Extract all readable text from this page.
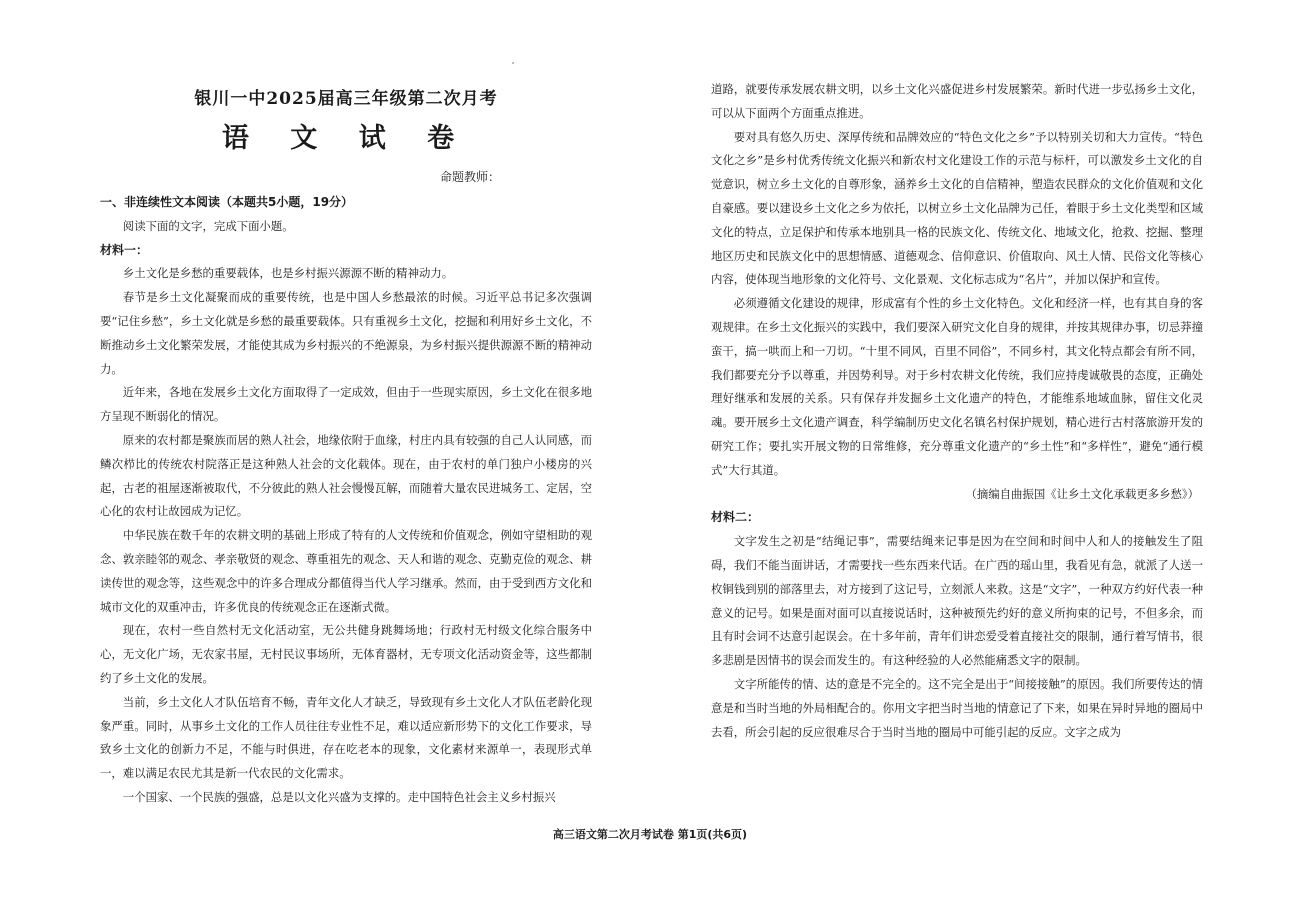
银川一中2025届高三年级第二次月考
语 文 试 卷
命题教师：
一、非连续性文本阅读（本题共5小题，19分）

阅读下面的文字，完成下面小题。

材料一：

乡土文化是乡愁的重要载体，也是乡村振兴源源不断的精神动力。

春节是乡土文化凝聚而成的重要传统，也是中国人乡愁最浓的时候。习近平总书记多次强调要“记住乡愁”，乡土文化就是乡愁的最重要载体。只有重视乡土文化，挖掘和利用好乡土文化，不断推动乡土文化繁荣发展，才能使其成为乡村振兴的不绝源泉，为乡村振兴提供源源不断的精神动力。

近年来，各地在发展乡土文化方面取得了一定成效，但由于一些现实原因，乡土文化在很多地方呈现不断弱化的情况。

原来的农村都是聚族而居的熟人社会，地缘依附于血缘，村庄内具有较强的自己人认同感，而鳞次栉比的传统农村院落正是这种熟人社会的文化载体。现在，由于农村的单门独户小楼房的兴起，古老的祖屋逐渐被取代，不分彼此的熟人社会慢慢瓦解，而随着大量农民进城务工、定居，空心化的农村让故园成为记忆。

中华民族在数千年的农耕文明的基础上形成了特有的人文传统和价值观念，例如守望相助的观念、敦亲睦邻的观念、孝亲敬贤的观念、尊重祖先的观念、天人和谐的观念、克勤克俭的观念、耕读传世的观念等，这些观念中的许多合理成分都值得当代人学习继承。然而，由于受到西方文化和城市文化的双重冲击，许多优良的传统观念正在逐渐式微。

现在，农村一些自然村无文化活动室，无公共健身跳舞场地；行政村无村级文化综合服务中心，无文化广场，无农家书屋，无村民议事场所，无体育器材，无专项文化活动资金等，这些都制约了乡土文化的发展。

当前，乡土文化人才队伍培育不畅，青年文化人才缺乏，导致现有乡土文化人才队伍老龄化现象严重。同时，从事乡土文化的工作人员往往专业性不足，难以适应新形势下的文化工作要求，导致乡土文化的创新力不足，不能与时俱进，存在吃老本的现象，文化素材来源单一，表现形式单一，难以满足农民尤其是新一代农民的文化需求。

一个国家、一个民族的强盛，总是以文化兴盛为支撑的。走中国特色社会主义乡村振兴

道路，就要传承发展农耕文明，以乡土文化兴盛促进乡村发展繁荣。新时代进一步弘扬乡土文化，可以从下面两个方面重点推进。

要对具有悠久历史、深厚传统和品牌效应的“特色文化之乡”予以特别关切和大力宣传。“特色文化之乡”是乡村优秀传统文化振兴和新农村文化建设工作的示范与标杆，可以激发乡土文化的自觉意识，树立乡土文化的自尊形象，涵养乡土文化的自信精神，塑造农民群众的文化价值观和文化自豪感。要以建设乡土文化之乡为依托，以树立乡土文化品牌为己任，着眼于乡土文化类型和区域文化的特点，立足保护和传承本地别具一格的民族文化、传统文化、地域文化，抢救、挖掘、整理地区历史和民族文化中的思想情感、道德观念、信仰意识、价值取向、风土人情、民俗文化等核心内容，使体现当地形象的文化符号、文化景观、文化标志成为“名片”，并加以保护和宣传。

必须遵循文化建设的规律，形成富有个性的乡土文化特色。文化和经济一样，也有其自身的客观规律。在乡土文化振兴的实践中，我们要深入研究文化自身的规律，并按其规律办事，切忌莽撞蛮干，搞一哄而上和一刀切。“十里不同风，百里不同俗”，不同乡村，其文化特点都会有所不同，我们都要充分予以尊重，并因势利导。对于乡村农耕文化传统，我们应持虔诚敬畏的态度，正确处理好继承和发展的关系。只有保存并发掘乡土文化遗产的特色，才能维系地域血脉，留住文化灵魂。要开展乡土文化遗产调查，科学编制历史文化名镇名村保护规划，精心进行古村落旅游开发的研究工作；要扎实开展文物的日常维修，充分尊重文化遗产的“乡土性”和“多样性”，避免“通行模式”大行其道。

（摘编自曲振国《让乡土文化承载更多乡愁》）

材料二：

文字发生之初是“结绳记事”，需要结绳来记事是因为在空间和时间中人和人的接触发生了阻碍，我们不能当面讲话，才需要找一些东西来代话。在广西的瑶山里，我看见有急，就派了人送一枚铜钱到别的部落里去，对方接到了这记号，立刻派人来救。这是“文字”，一种双方约好代表一种意义的记号。如果是面对面可以直接说话时，这种被预先约好的意义所拘束的记号，不但多余，而且有时会词不达意引起误会。在十多年前，青年们讲恋爱受着直接社交的限制，通行着写情书，很多悲剧是因情书的误会而发生的。有这种经验的人必然能痛悉文字的限制。

文字所能传的情、达的意是不完全的。这不完全是出于“间接接触”的原因。我们所要传达的情意是和当时当地的外局相配合的。你用文字把当时当地的情意记了下来，如果在异时异地的圈局中去看，所会引起的反应很难尽合于当时当地的圈局中可能引起的反应。文字之成为

高三语文第二次月考试卷 第1页(共6页)
